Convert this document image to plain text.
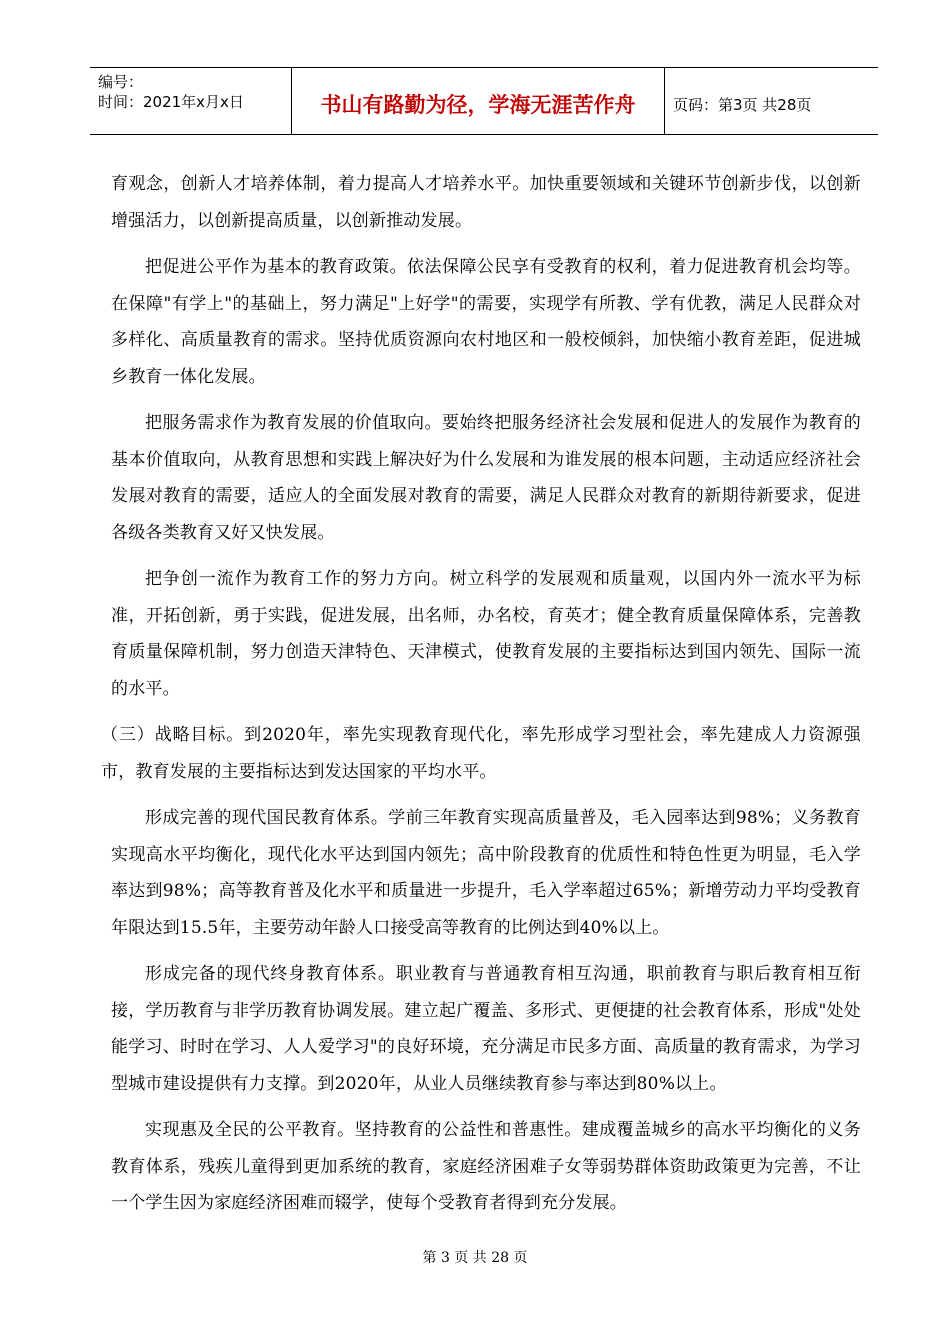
编号：
时间：2021年x月x日	书山有路勤为径，学海无涯苦作舟	页码：第3页 共28页

育观念，创新人才培养体制，着力提高人才培养水平。加快重要领域和关键环节创新步伐，以创新增强活力，以创新提高质量，以创新推动发展。

把促进公平作为基本的教育政策。依法保障公民享有受教育的权利，着力促进教育机会均等。在保障"有学上"的基础上，努力满足"上好学"的需要，实现学有所教、学有优教，满足人民群众对多样化、高质量教育的需求。坚持优质资源向农村地区和一般校倾斜，加快缩小教育差距，促进城乡教育一体化发展。

把服务需求作为教育发展的价值取向。要始终把服务经济社会发展和促进人的发展作为教育的基本价值取向，从教育思想和实践上解决好为什么发展和为谁发展的根本问题，主动适应经济社会发展对教育的需要，适应人的全面发展对教育的需要，满足人民群众对教育的新期待新要求，促进各级各类教育又好又快发展。

把争创一流作为教育工作的努力方向。树立科学的发展观和质量观，以国内外一流水平为标准，开拓创新，勇于实践，促进发展，出名师，办名校，育英才；健全教育质量保障体系，完善教育质量保障机制，努力创造天津特色、天津模式，使教育发展的主要指标达到国内领先、国际一流的水平。

（三）战略目标。到2020年，率先实现教育现代化，率先形成学习型社会，率先建成人力资源强市，教育发展的主要指标达到发达国家的平均水平。

形成完善的现代国民教育体系。学前三年教育实现高质量普及，毛入园率达到98%；义务教育实现高水平均衡化，现代化水平达到国内领先；高中阶段教育的优质性和特色性更为明显，毛入学率达到98%；高等教育普及化水平和质量进一步提升，毛入学率超过65%；新增劳动力平均受教育年限达到15.5年，主要劳动年龄人口接受高等教育的比例达到40%以上。

形成完备的现代终身教育体系。职业教育与普通教育相互沟通，职前教育与职后教育相互衔接，学历教育与非学历教育协调发展。建立起广覆盖、多形式、更便捷的社会教育体系，形成"处处能学习、时时在学习、人人爱学习"的良好环境，充分满足市民多方面、高质量的教育需求，为学习型城市建设提供有力支撑。到2020年，从业人员继续教育参与率达到80%以上。

实现惠及全民的公平教育。坚持教育的公益性和普惠性。建成覆盖城乡的高水平均衡化的义务教育体系，残疾儿童得到更加系统的教育，家庭经济困难子女等弱势群体资助政策更为完善，不让一个学生因为家庭经济困难而辍学，使每个受教育者得到充分发展。

第 3 页 共 28 页
